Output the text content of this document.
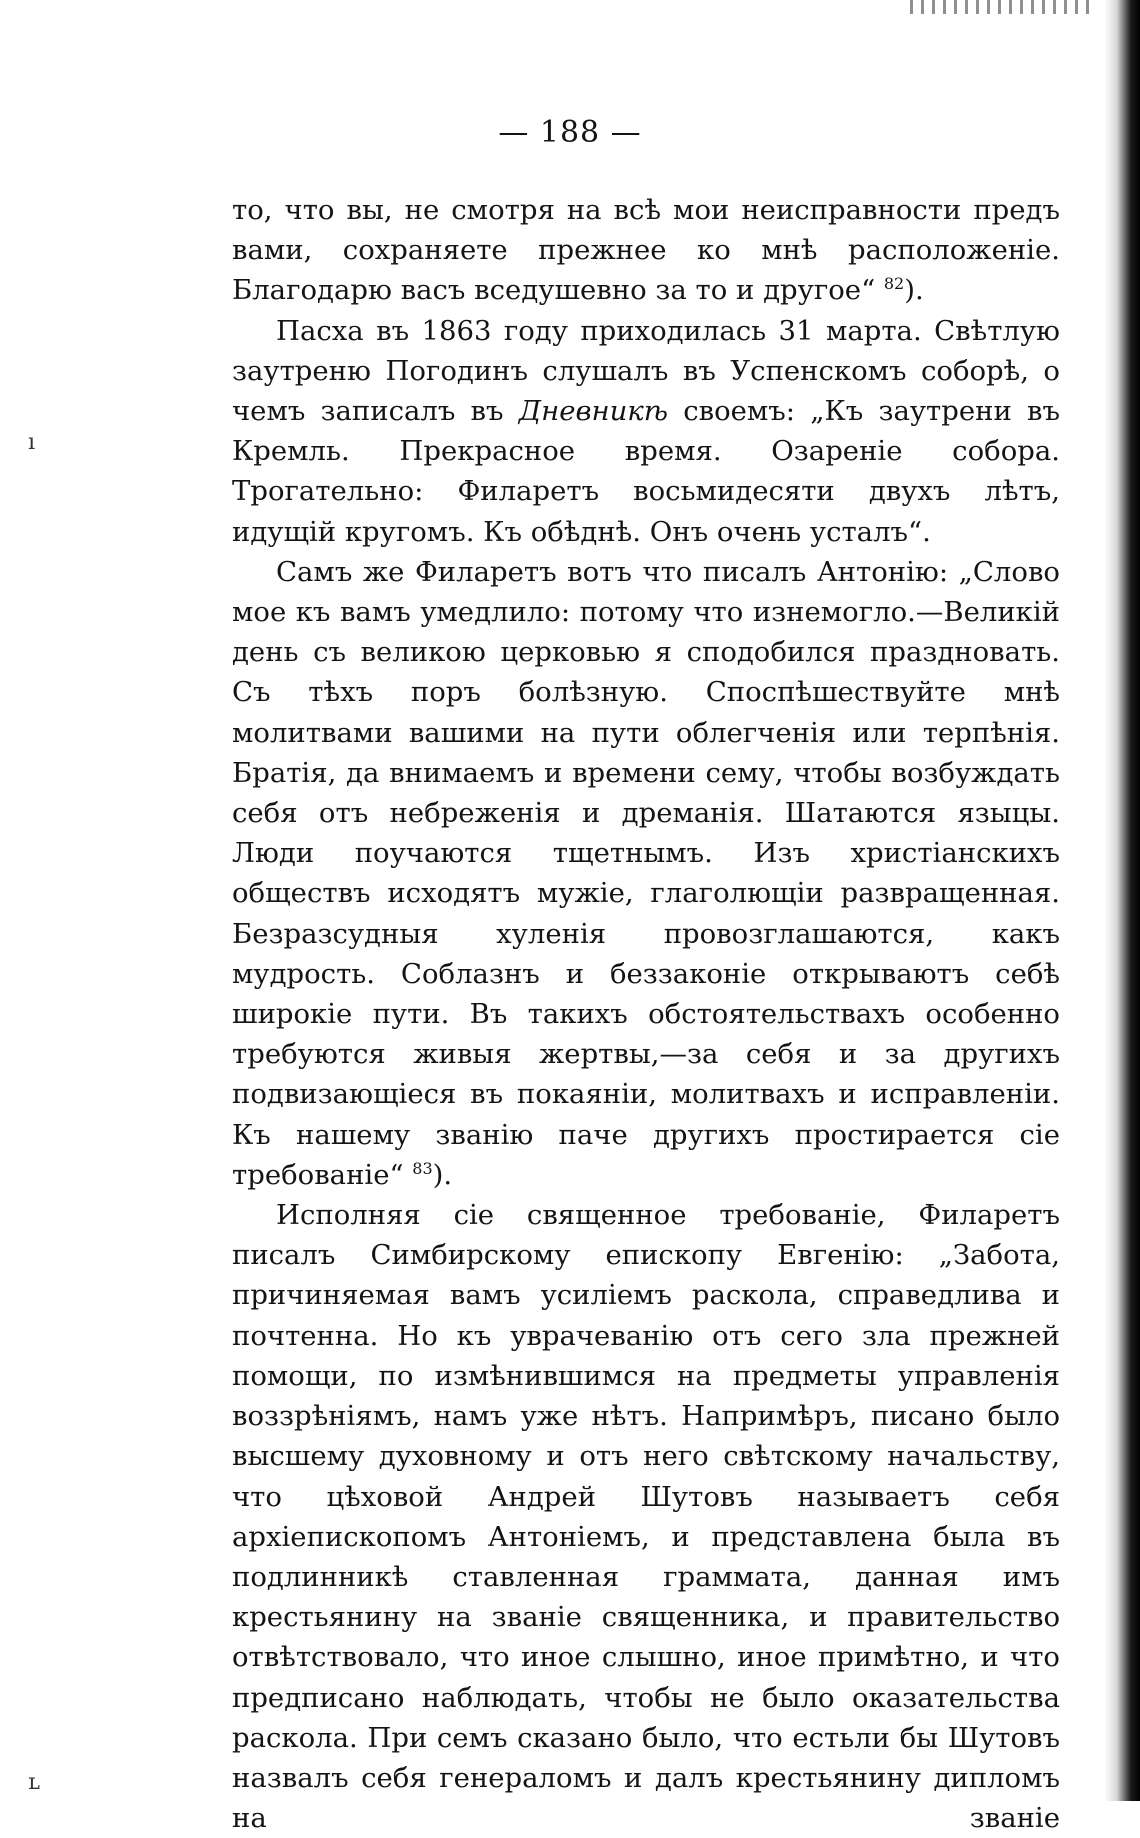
ı
ʟ
— 188 —

то, что вы, не смотря на всѣ мои неисправности предъ вами, сохраняете прежнее ко мнѣ расположеніе. Благодарю васъ вседушевно за то и другое“ $^{82}$).

Пасха въ 1863 году приходилась 31 марта. Свѣтлую заутреню Погодинъ слушалъ въ Успенскомъ соборѣ, о чемъ записалъ въ Дневникѣ своемъ: „Къ заутрени въ Кремль. Прекрасное время. Озареніе собора. Трогательно: Филаретъ восьмидесяти двухъ лѣтъ, идущій кругомъ. Къ обѣднѣ. Онъ очень усталъ“.

Самъ же Филаретъ вотъ что писалъ Антонію: „Слово мое къ вамъ умедлило: потому что изнемогло.—Великій день съ великою церковью я сподобился праздновать. Съ тѣхъ поръ болѣзную. Споспѣшествуйте мнѣ молитвами вашими на пути облегченія или терпѣнія. Братія, да внимаемъ и времени сему, чтобы возбуждать себя отъ небреженія и дреманія. Шатаются языцы. Люди поучаются тщетнымъ. Изъ христіанскихъ обществъ исходятъ мужіе, глаголющіи развращенная. Безразсудныя хуленія провозглашаются, какъ мудрость. Соблазнъ и беззаконіе открываютъ себѣ широкіе пути. Въ такихъ обстоятельствахъ особенно требуются живыя жертвы,—за себя и за другихъ подвизающіеся въ покаяніи, молитвахъ и исправленіи. Къ нашему званію паче другихъ простирается сіе требованіе“ $^{83}$).

Исполняя сіе священное требованіе, Филаретъ писалъ Симбирскому епископу Евгенію: „Забота, причиняемая вамъ усиліемъ раскола, справедлива и почтенна. Но къ уврачеванію отъ сего зла прежней помощи, по измѣнившимся на предметы управленія воззрѣніямъ, намъ уже нѣтъ. Напримѣръ, писано было высшему духовному и отъ него свѣтскому начальству, что цѣховой Андрей Шутовъ называетъ себя архіепископомъ Антоніемъ, и представлена была въ подлинникѣ ставленная граммата, данная имъ крестьянину на званіе священника, и правительство отвѣтствовало, что иное слышно, иное примѣтно, и что предписано наблюдать, чтобы не было оказательства раскола. При семъ сказано было, что естьли бы Шутовъ назвалъ себя генераломъ и далъ крестьянину дипломъ на званіе
